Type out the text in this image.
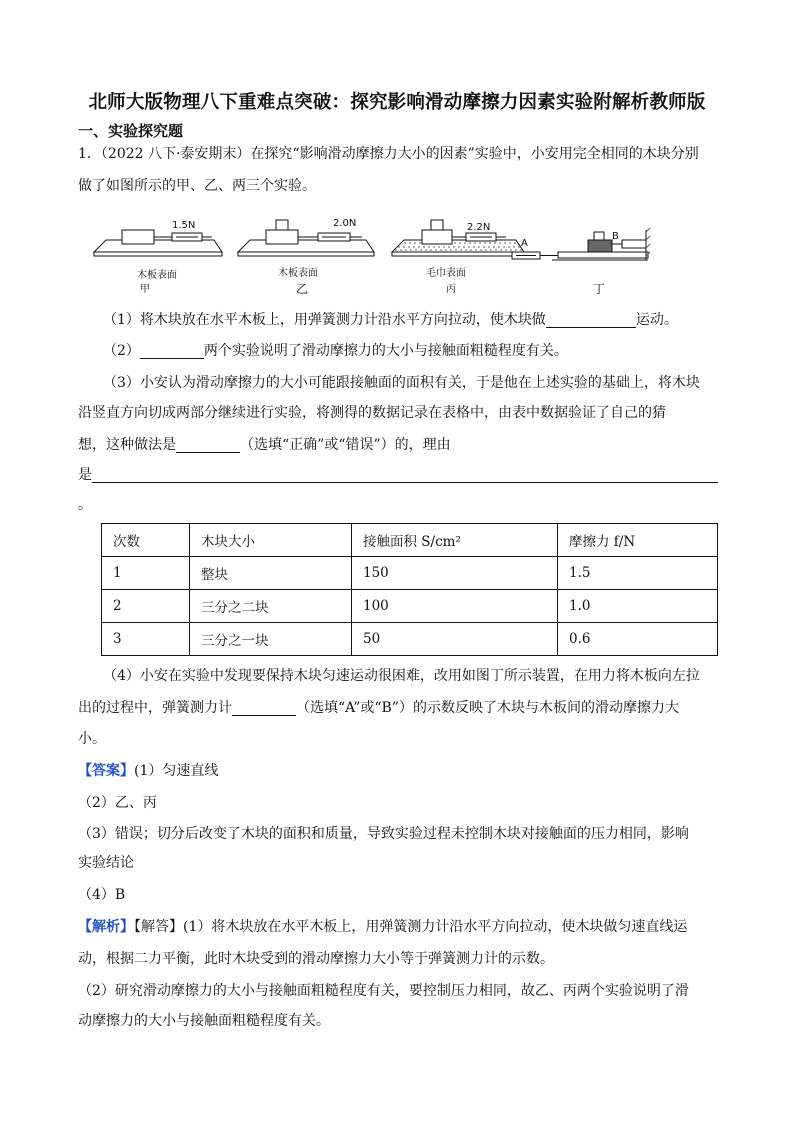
北师大版物理八下重难点突破：探究影响滑动摩擦力因素实验附解析教师版
一、实验探究题
1．（2022 八下·泰安期末）在探究“影响滑动摩擦力大小的因素”实验中，小安用完全相同的木块分别
做了如图所示的甲、乙、两三个实验。
1.5N	2.0N	2.2N
A
B
木板表面
甲
木板表面
乙
毛巾表面
丙	丁
（1）将木块放在水平木板上，用弹簧测力计沿水平方向拉动，使木块做	运动。
（2）	两个实验说明了滑动摩擦力的大小与接触面粗糙程度有关。
（3）小安认为滑动摩擦力的大小可能跟接触面的面积有关，于是他在上述实验的基础上，将木块
沿竖直方向切成两部分继续进行实验，将测得的数据记录在表格中，由表中数据验证了自己的猜
想，这种做法是	（选填“正确”或“错误”）的，理由
是
。
次数	木块大小	接触面积 S/cm²	摩擦力 f/N
1	整块	150	1.5
2	三分之二块	100	1.0
3	三分之一块	50	0.6
（4）小安在实验中发现要保持木块匀速运动很困难，改用如图丁所示装置，在用力将木板向左拉
出的过程中，弹簧测力计	（选填“A”或“B”）的示数反映了木块与木板间的滑动摩擦力大
小。
【答案】(1）匀速直线
（2）乙、丙
（3）错误；切分后改变了木块的面积和质量，导致实验过程未控制木块对接触面的压力相同，影响
实验结论
（4）B
【解析】【解答】(1）将木块放在水平木板上，用弹簧测力计沿水平方向拉动，使木块做匀速直线运
动，根据二力平衡，此时木块受到的滑动摩擦力大小等于弹簧测力计的示数。
（2）研究滑动摩擦力的大小与接触面粗糙程度有关，要控制压力相同，故乙、丙两个实验说明了滑
动摩擦力的大小与接触面粗糙程度有关。
